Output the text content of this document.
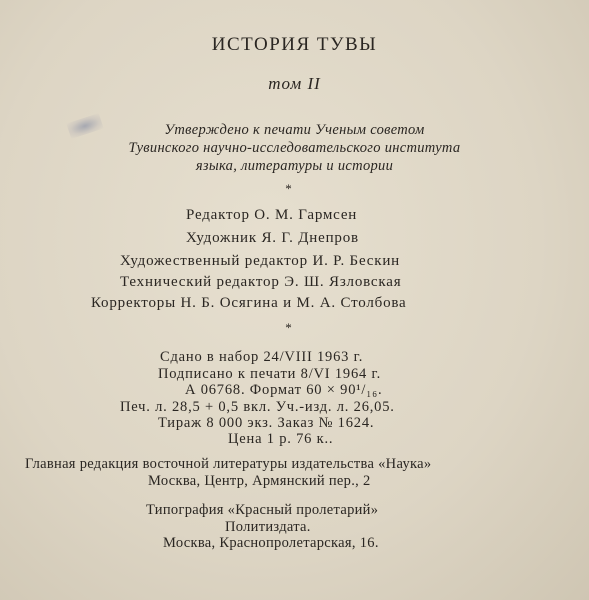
ИСТОРИЯ ТУВЫ
том II
Утверждено к печати Ученым советом
Тувинского научно-исследовательского института
языка, литературы и истории
*
Редактор О. М. Гармсен
Художник Я. Г. Днепров
Художественный редактор И. Р. Бескин
Технический редактор Э. Ш. Язловская
Корректоры Н. Б. Осягина и М. А. Столбова
*
Сдано в набор 24/VIII 1963 г.
Подписано к печати 8/VI 1964 г.
А 06768. Формат 60 × 90¹/₁₆.
Печ. л. 28,5 + 0,5 вкл. Уч.-изд. л. 26,05.
Тираж 8 000 экз. Заказ № 1624.
Цена 1 р. 76 к..
Главная редакция восточной литературы издательства «Наука»
Москва, Центр, Армянский пер., 2
Типография «Красный пролетарий»
Политиздата.
Москва, Краснопролетарская, 16.
